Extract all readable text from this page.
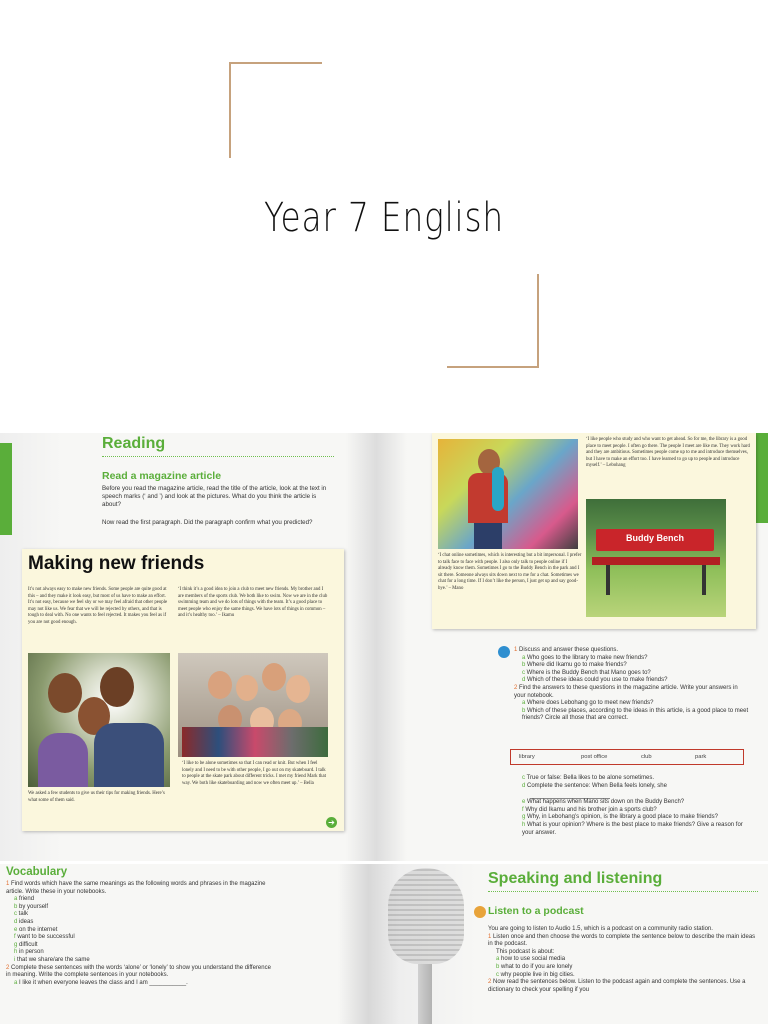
Year 7 English
Reading
Read a magazine article
Before you read the magazine article, read the title of the article, look at the text in speech marks (‘ and ’) and look at the pictures. What do you think the article is about?
Now read the first paragraph. Did the paragraph confirm what you predicted?
Making new friends
It’s not always easy to make new friends. Some people are quite good at this – and they make it look easy, but most of us have to make an effort. It’s not easy, because we feel shy or we may feel afraid that other people may not like us. We fear that we will be rejected by others, and that is tough to deal with. No one wants to feel rejected. It makes you feel as if you are not good enough.
‘I think it’s a good idea to join a club to meet new friends. My brother and I are members of the sports club. We both like to swim. Now we are in the club swimming team and we do lots of things with the team. It’s a good place to meet people who enjoy the same things. We have lots of things in common – and it’s healthy too.’ – Ikamu
‘I like to be alone sometimes so that I can read or knit. But when I feel lonely and I need to be with other people, I go out on my skateboard. I talk to people at the skate park about different tricks. I met my friend Mark that way. We both like skateboarding and now we often meet up.’ – Bella
We asked a few students to give us their tips for making friends. Here’s what some of them said.
➔
‘I like people who study and who want to get ahead. So for me, the library is a good place to meet people. I often go there. The people I meet are like me. They work hard and they are ambitious. Sometimes people come up to me and introduce themselves, but I have to make an effort too. I have learned to go up to people and introduce myself.’ – Lebohang
Buddy Bench
‘I chat online sometimes, which is interesting but a bit impersonal. I prefer to talk face to face with people. I also only talk to people online if I already know them. Sometimes I go to the Buddy Bench in the park and I sit there. Someone always sits down next to me for a chat. Sometimes we chat for a long time. If I don’t like the person, I just get up and say good-bye.’ – Mano
1 Discuss and answer these questions.
a Who goes to the library to make new friends?
b Where did Ikamu go to make friends?
c Where is the Buddy Bench that Mano goes to?
d Which of these ideas could you use to make friends?
2 Find the answers to these questions in the magazine article. Write your answers in your notebook.
a Where does Lebohang go to meet new friends?
b Which of these places, according to the ideas in this article, is a good place to meet friends? Circle all those that are correct.
library	post office	club	park
c True or false: Bella likes to be alone sometimes.
d Complete the sentence: When Bella feels lonely, she
e What happens when Mano sits down on the Buddy Bench?
f Why did Ikamu and his brother join a sports club?
g Why, in Lebohang’s opinion, is the library a good place to make friends?
h What is your opinion? Where is the best place to make friends? Give a reason for your answer.
Vocabulary
1 Find words which have the same meanings as the following words and phrases in the magazine article. Write these in your notebooks.
a friend
b by yourself
c talk
d ideas
e on the internet
f want to be successful
g difficult
h in person
i that we share/are the same
2 Complete these sentences with the words ‘alone’ or ‘lonely’ to show you understand the difference in meaning. Write the complete sentences in your notebooks.
a I like it when everyone leaves the class and I am ___________.
Speaking and listening
Listen to a podcast
You are going to listen to Audio 1.5, which is a podcast on a community radio station.
1 Listen once and then choose the words to complete the sentence below to describe the main ideas in the podcast.
This podcast is about:
a how to use social media
b what to do if you are lonely
c why people live in big cities.
2 Now read the sentences below. Listen to the podcast again and complete the sentences. Use a dictionary to check your spelling if you
